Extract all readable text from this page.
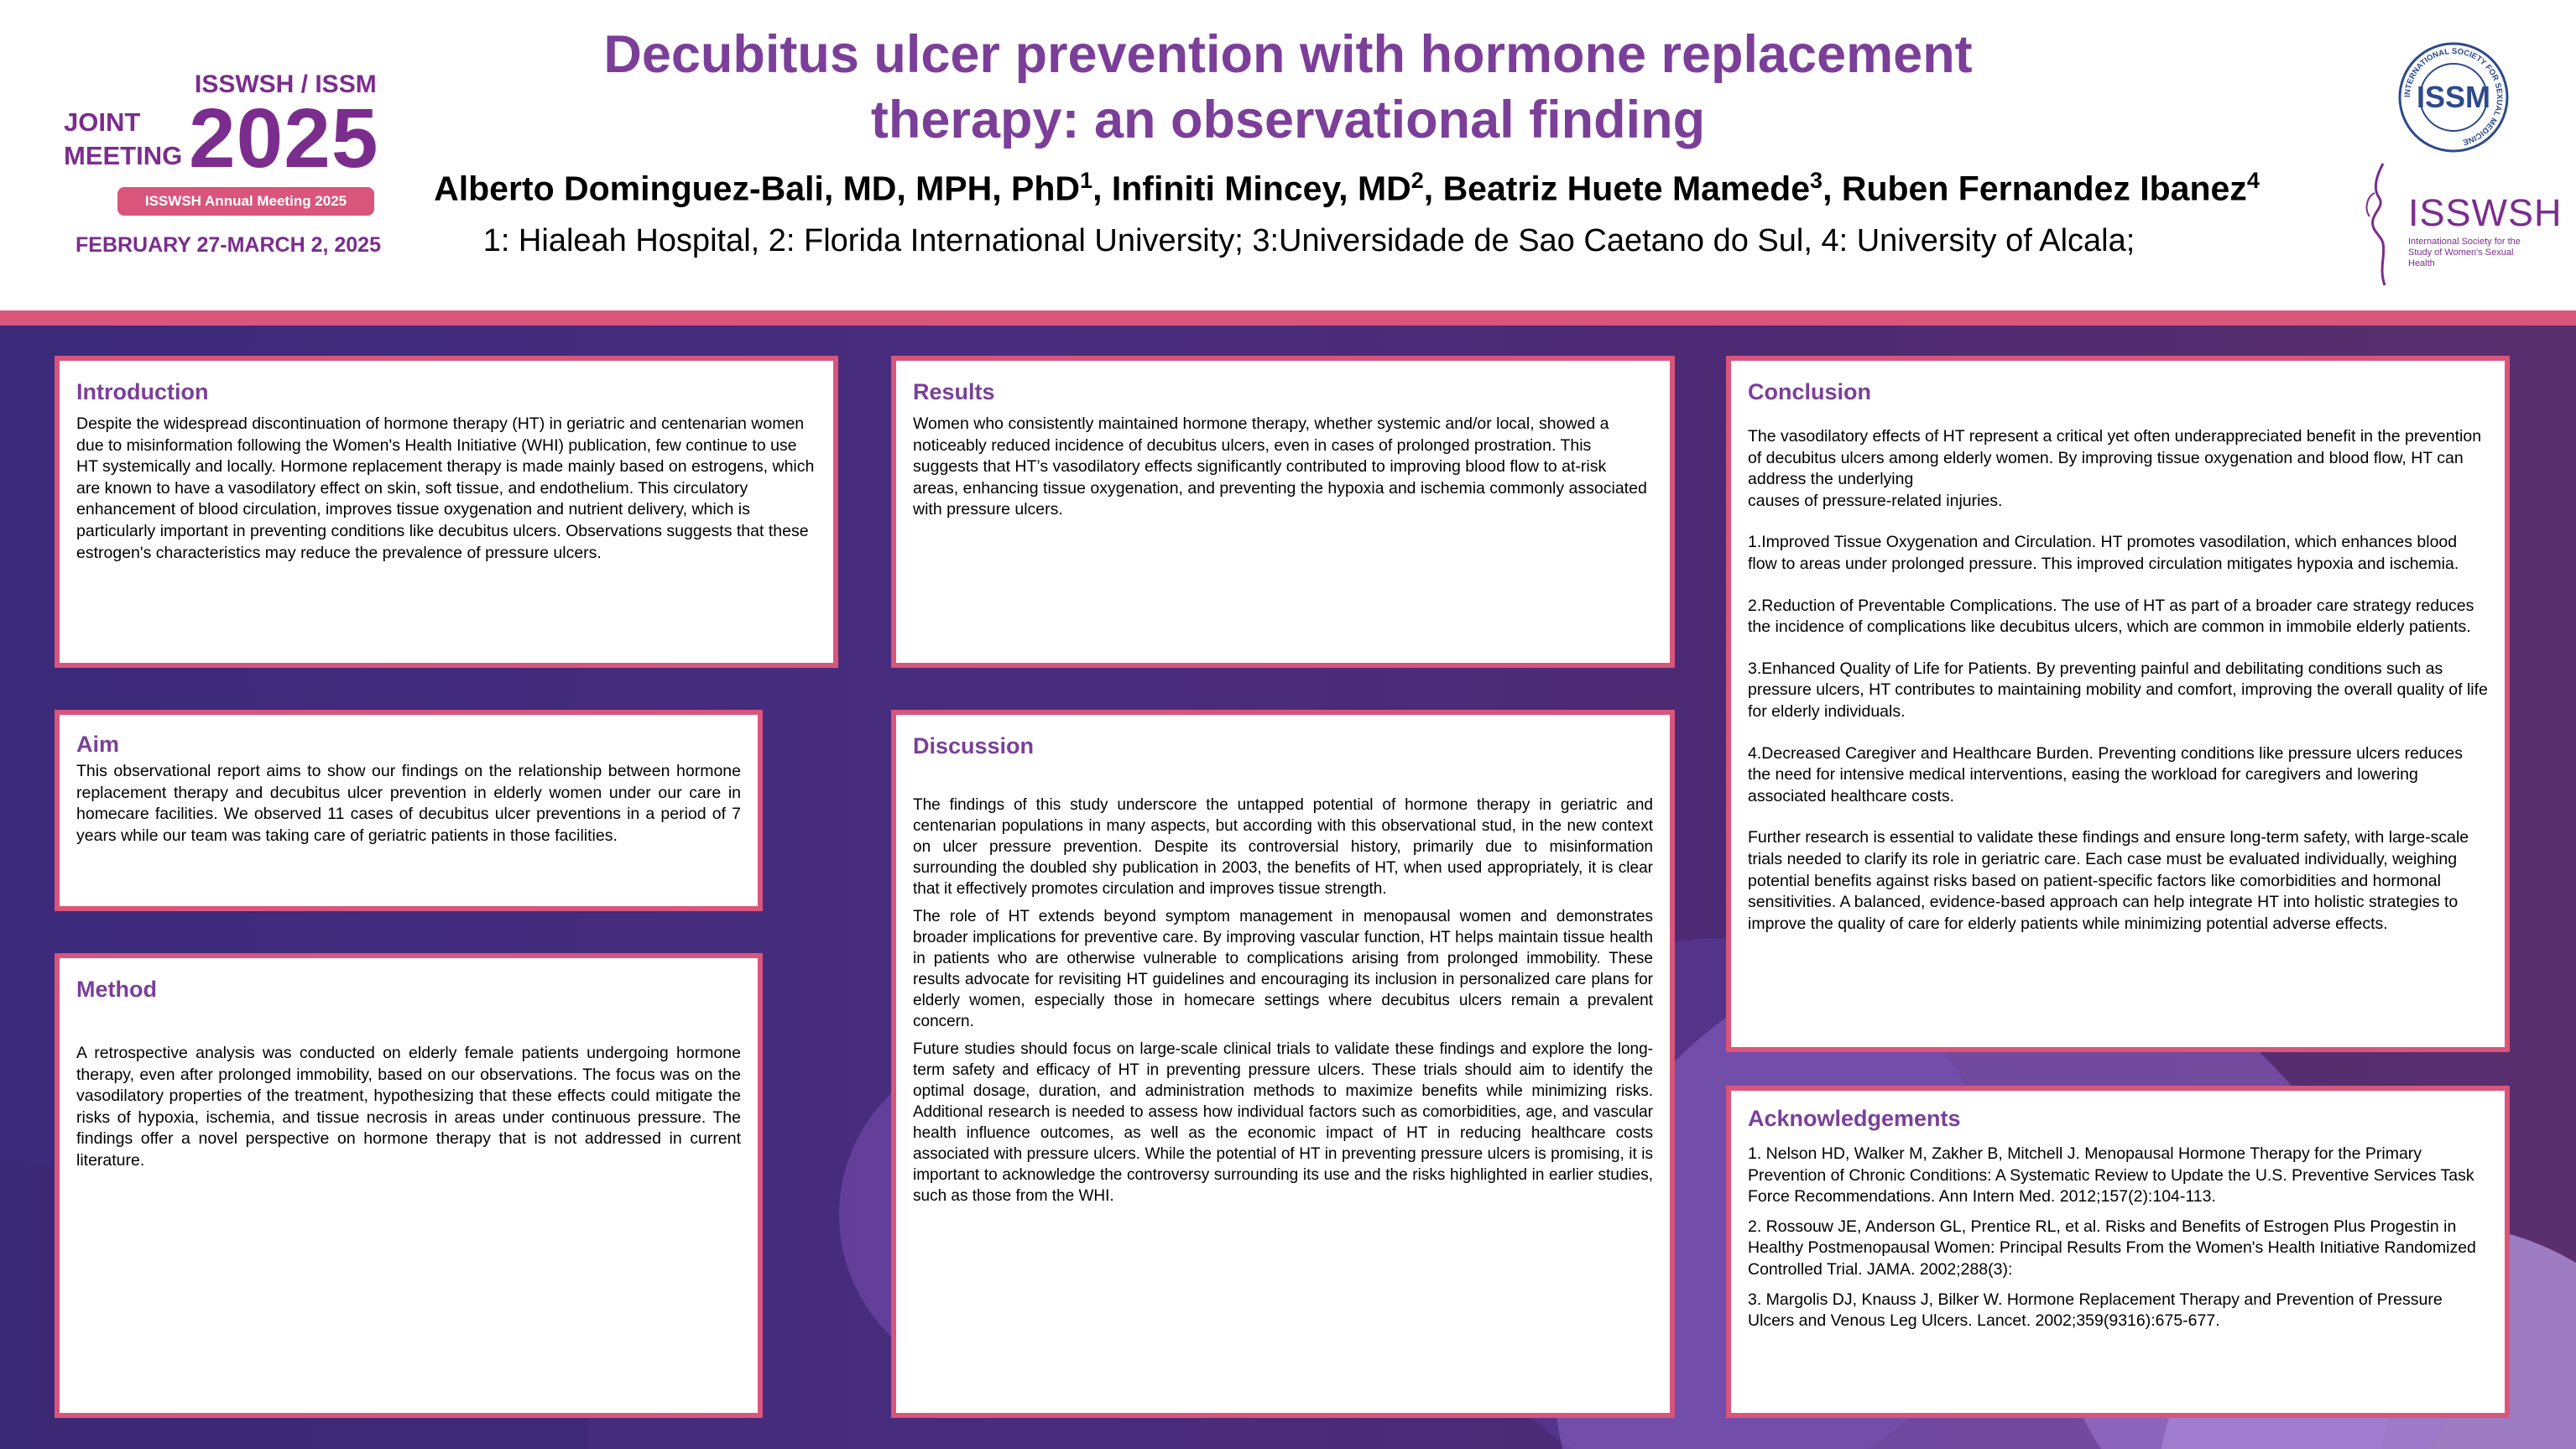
JOINT
MEETING
ISSWSH / ISSM
2025
ISSWSH Annual Meeting 2025
FEBRUARY 27-MARCH 2, 2025
Decubitus ulcer prevention with hormone replacement
therapy: an observational finding
Alberto Dominguez-Bali, MD, MPH, PhD$^1$, Infiniti Mincey, $MD^2$, Beatriz Huete Mamede$^3$, Ruben Fernandez Ibanez$^4$
1: Hialeah Hospital, 2: Florida International University; 3:Universidade de Sao Caetano do Sul, 4: University of Alcala;
INTERNATIONAL SOCIETY FOR SEXUAL MEDICINE
ISSM
ISSWSH
International Society for the Study of Women's Sexual Health
Introduction

Despite the widespread discontinuation of hormone therapy (HT) in geriatric and centenarian women due to misinformation following the Women's Health Initiative (WHI) publication, few continue to use HT systemically and locally. Hormone replacement therapy is made mainly based on estrogens, which are known to have a vasodilatory effect on skin, soft tissue, and endothelium. This circulatory enhancement of blood circulation, improves tissue oxygenation and nutrient delivery, which is particularly important in preventing conditions like decubitus ulcers. Observations suggests that these estrogen's characteristics may reduce the prevalence of pressure ulcers.

Aim

This observational report aims to show our findings on the relationship between hormone replacement therapy and decubitus ulcer prevention in elderly women under our care in homecare facilities. We observed 11 cases of decubitus ulcer preventions in a period of 7 years while our team was taking care of geriatric patients in those facilities.

Method

A retrospective analysis was conducted on elderly female patients undergoing hormone therapy, even after prolonged immobility, based on our observations. The focus was on the vasodilatory properties of the treatment, hypothesizing that these effects could mitigate the risks of hypoxia, ischemia, and tissue necrosis in areas under continuous pressure. The findings offer a novel perspective on hormone therapy that is not addressed in current literature.

Results

Women who consistently maintained hormone therapy, whether systemic and/or local, showed a noticeably reduced incidence of decubitus ulcers, even in cases of prolonged prostration. This suggests that HT’s vasodilatory effects significantly contributed to improving blood flow to at-risk areas, enhancing tissue oxygenation, and preventing the hypoxia and ischemia commonly associated with pressure ulcers.

Discussion

The findings of this study underscore the untapped potential of hormone therapy in geriatric and centenarian populations in many aspects, but according with this observational stud, in the new context on ulcer pressure prevention. Despite its controversial history, primarily due to misinformation surrounding the doubled shy publication in 2003, the benefits of HT, when used appropriately, it is clear that it effectively promotes circulation and improves tissue strength.

The role of HT extends beyond symptom management in menopausal women and demonstrates broader implications for preventive care. By improving vascular function, HT helps maintain tissue health in patients who are otherwise vulnerable to complications arising from prolonged immobility. These results advocate for revisiting HT guidelines and encouraging its inclusion in personalized care plans for elderly women, especially those in homecare settings where decubitus ulcers remain a prevalent concern.

Future studies should focus on large-scale clinical trials to validate these findings and explore the long-term safety and efficacy of HT in preventing pressure ulcers. These trials should aim to identify the optimal dosage, duration, and administration methods to maximize benefits while minimizing risks. Additional research is needed to assess how individual factors such as comorbidities, age, and vascular health influence outcomes, as well as the economic impact of HT in reducing healthcare costs associated with pressure ulcers. While the potential of HT in preventing pressure ulcers is promising, it is important to acknowledge the controversy surrounding its use and the risks highlighted in earlier studies, such as those from the WHI.

Conclusion

The vasodilatory effects of HT represent a critical yet often underappreciated benefit in the prevention of decubitus ulcers among elderly women. By improving tissue oxygenation and blood flow, HT can address the underlying
causes of pressure-related injuries.

1.Improved Tissue Oxygenation and Circulation. HT promotes vasodilation, which enhances blood flow to areas under prolonged pressure. This improved circulation mitigates hypoxia and ischemia.

2.Reduction of Preventable Complications. The use of HT as part of a broader care strategy reduces the incidence of complications like decubitus ulcers, which are common in immobile elderly patients.

3.Enhanced Quality of Life for Patients. By preventing painful and debilitating conditions such as pressure ulcers, HT contributes to maintaining mobility and comfort, improving the overall quality of life for elderly individuals.

4.Decreased Caregiver and Healthcare Burden. Preventing conditions like pressure ulcers reduces the need for intensive medical interventions, easing the workload for caregivers and lowering associated healthcare costs.

Further research is essential to validate these findings and ensure long-term safety, with large-scale trials needed to clarify its role in geriatric care. Each case must be evaluated individually, weighing potential benefits against risks based on patient-specific factors like comorbidities and hormonal sensitivities. A balanced, evidence-based approach can help integrate HT into holistic strategies to improve the quality of care for elderly patients while minimizing potential adverse effects.

Acknowledgements

1. Nelson HD, Walker M, Zakher B, Mitchell J. Menopausal Hormone Therapy for the Primary Prevention of Chronic Conditions: A Systematic Review to Update the U.S. Preventive Services Task Force Recommendations. Ann Intern Med. 2012;157(2):104-113.

2. Rossouw JE, Anderson GL, Prentice RL, et al. Risks and Benefits of Estrogen Plus Progestin in Healthy Postmenopausal Women: Principal Results From the Women's Health Initiative Randomized Controlled Trial. JAMA. 2002;288(3):

3. Margolis DJ, Knauss J, Bilker W. Hormone Replacement Therapy and Prevention of Pressure Ulcers and Venous Leg Ulcers. Lancet. 2002;359(9316):675-677.
